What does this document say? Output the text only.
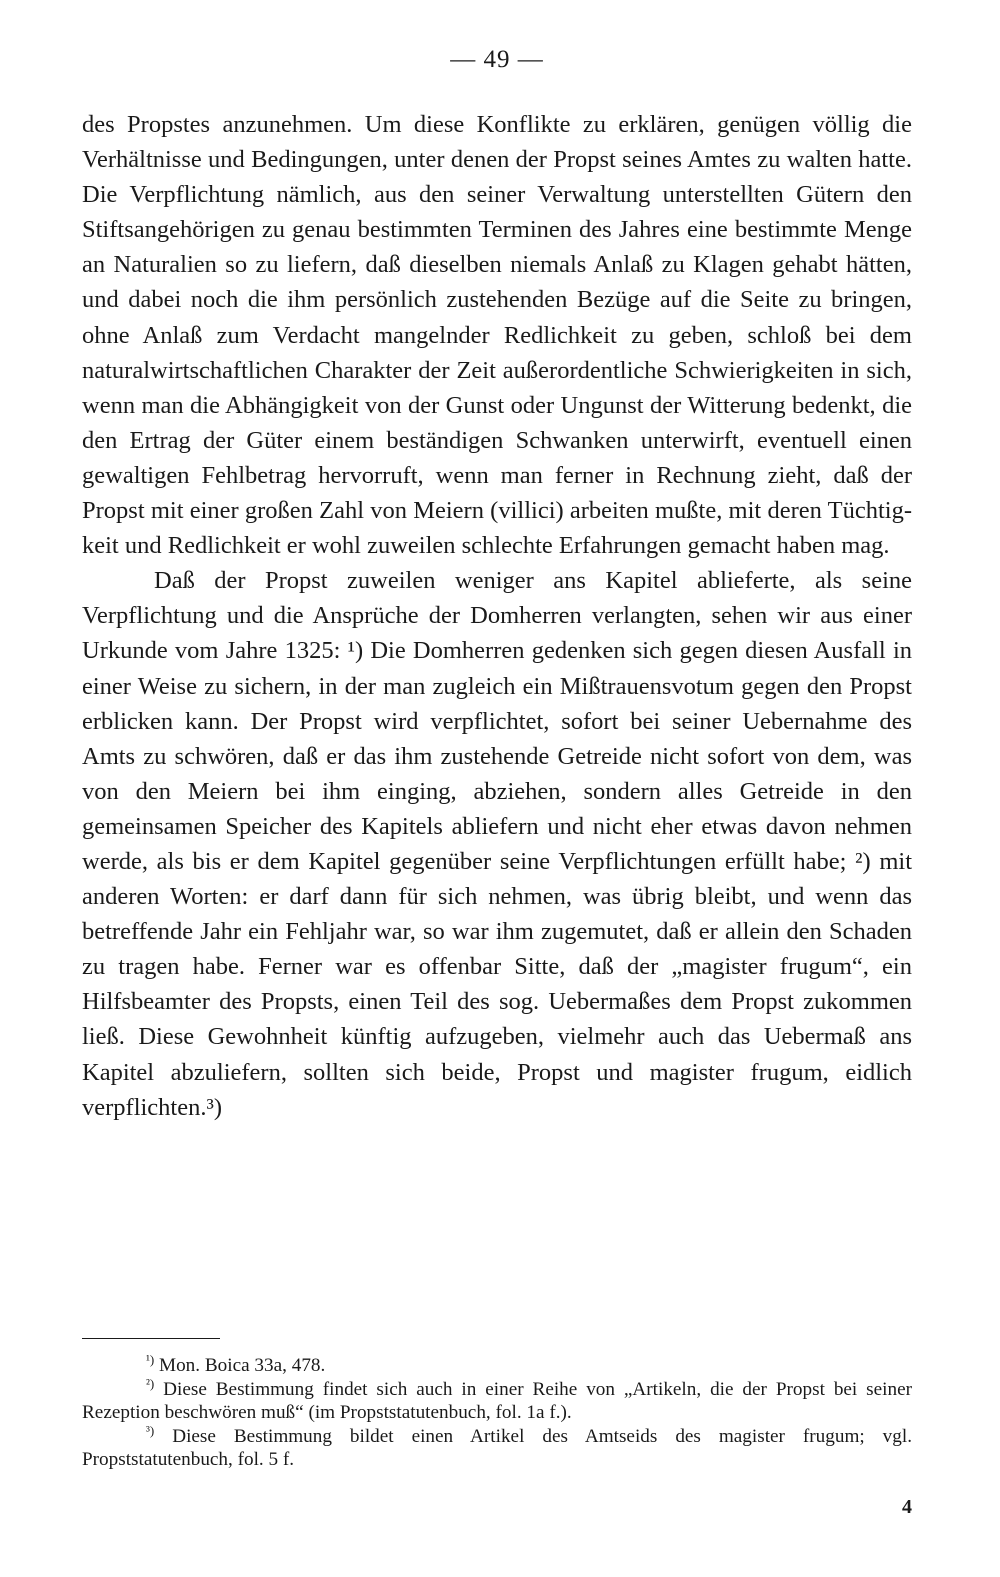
— 49 —

des Propstes anzunehmen. Um diese Konflikte zu erklären, genügen völlig die Verhältnisse und Bedingungen, unter denen der Propst seines Amtes zu walten hatte. Die Verpflichtung nämlich, aus den seiner Verwaltung unterstellten Gütern den Stiftsangehörigen zu genau bestimmten Terminen des Jahres eine bestimmte Menge an Naturalien so zu liefern, daß dieselben niemals Anlaß zu Klagen gehabt hätten, und dabei noch die ihm persönlich zustehenden Bezüge auf die Seite zu bringen, ohne Anlaß zum Verdacht mangelnder Redlichkeit zu geben, schloß bei dem naturalwirtschaftlichen Charakter der Zeit außerordentliche Schwierigkeiten in sich, wenn man die Abhängigkeit von der Gunst oder Ungunst der Witterung bedenkt, die den Ertrag der Güter einem beständigen Schwanken unterwirft, eventuell einen gewaltigen Fehlbetrag hervorruft, wenn man ferner in Rechnung zieht, daß der Propst mit einer großen Zahl von Meiern (villici) arbeiten mußte, mit deren Tüchtigkeit und Redlichkeit er wohl zuweilen schlechte Erfahrungen gemacht haben mag.

Daß der Propst zuweilen weniger ans Kapitel ablieferte, als seine Verpflichtung und die Ansprüche der Domherren verlangten, sehen wir aus einer Urkunde vom Jahre 1325: ¹) Die Domherren gedenken sich gegen diesen Ausfall in einer Weise zu sichern, in der man zugleich ein Mißtrauensvotum gegen den Propst erblicken kann. Der Propst wird verpflichtet, sofort bei seiner Uebernahme des Amts zu schwören, daß er das ihm zustehende Getreide nicht sofort von dem, was von den Meiern bei ihm einging, abziehen, sondern alles Getreide in den gemeinsamen Speicher des Kapitels abliefern und nicht eher etwas davon nehmen werde, als bis er dem Kapitel gegenüber seine Verpflichtungen erfüllt habe; ²) mit anderen Worten: er darf dann für sich nehmen, was übrig bleibt, und wenn das betreffende Jahr ein Fehljahr war, so war ihm zugemutet, daß er allein den Schaden zu tragen habe. Ferner war es offenbar Sitte, daß der „magister frugum“, ein Hilfsbeamter des Propsts, einen Teil des sog. Uebermaßes dem Propst zukommen ließ. Diese Gewohnheit künftig aufzugeben, vielmehr auch das Uebermaß ans Kapitel abzuliefern, sollten sich beide, Propst und magister frugum, eidlich verpflichten.³)

$^{^1)}$ Mon. Boica 33a, 478.

$^{^2)}$ Diese Bestimmung findet sich auch in einer Reihe von „Artikeln, die der Propst bei seiner Rezeption beschwören muß“ (im Propststatutenbuch, fol. 1a f.).

$^{^3)}$ Diese Bestimmung bildet einen Artikel des Amtseids des magister frugum; vgl. Propststatutenbuch, fol. 5 f.

4
